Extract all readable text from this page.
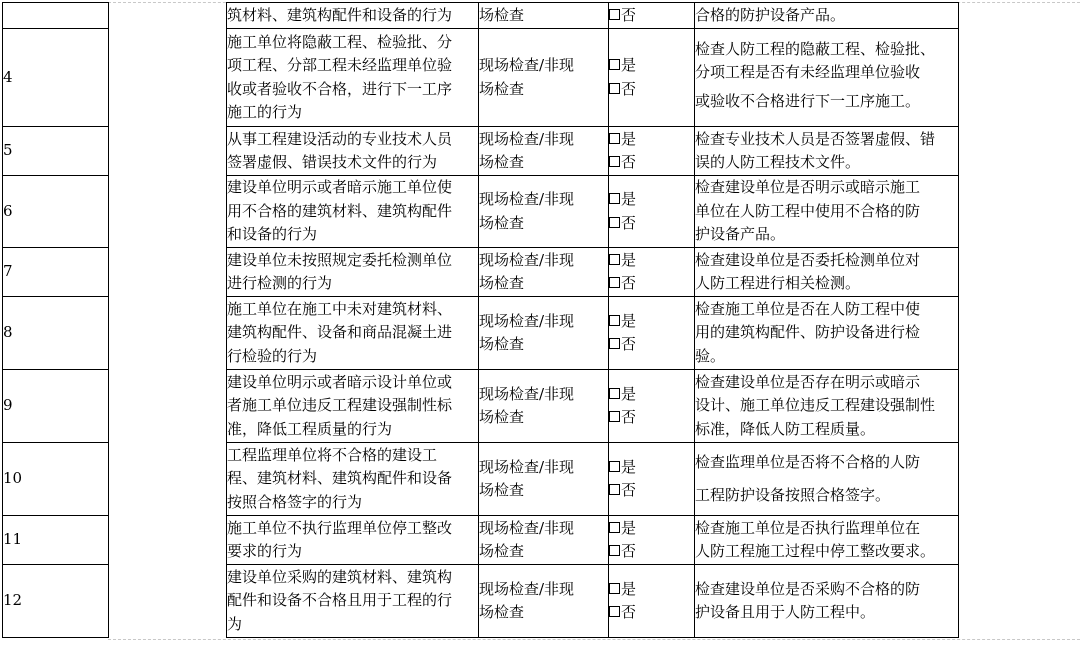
		筑材料、建筑构配件和设备的行为	场检查	否	合格的防护设备产品。

4		施工单位将隐蔽工程、检验批、分
项工程、分部工程未经监理单位验
收或者验收不合格，进行下一工序
施工的行为	现场检查/非现
场检查	是
否	检查人防工程的隐蔽工程、检验批、
分项工程是否有未经监理单位验收
或验收不合格进行下一工序施工。

5		从事工程建设活动的专业技术人员
签署虚假、错误技术文件的行为	现场检查/非现
场检查	是
否	检查专业技术人员是否签署虚假、错
误的人防工程技术文件。

6		建设单位明示或者暗示施工单位使
用不合格的建筑材料、建筑构配件
和设备的行为	现场检查/非现
场检查	是
否	检查建设单位是否明示或暗示施工
单位在人防工程中使用不合格的防
护设备产品。

7		建设单位未按照规定委托检测单位
进行检测的行为	现场检查/非现
场检查	是
否	检查建设单位是否委托检测单位对
人防工程进行相关检测。

8		施工单位在施工中未对建筑材料、
建筑构配件、设备和商品混凝土进
行检验的行为	现场检查/非现
场检查	是
否	检查施工单位是否在人防工程中使
用的建筑构配件、防护设备进行检
验。

9		建设单位明示或者暗示设计单位或
者施工单位违反工程建设强制性标
准，降低工程质量的行为	现场检查/非现
场检查	是
否	检查建设单位是否存在明示或暗示
设计、施工单位违反工程建设强制性
标准，降低人防工程质量。

10		工程监理单位将不合格的建设工
程、建筑材料、建筑构配件和设备
按照合格签字的行为	现场检查/非现
场检查	是
否	检查监理单位是否将不合格的人防
工程防护设备按照合格签字。

11		施工单位不执行监理单位停工整改
要求的行为	现场检查/非现
场检查	是
否	检查施工单位是否执行监理单位在
人防工程施工过程中停工整改要求。

12		建设单位采购的建筑材料、建筑构
配件和设备不合格且用于工程的行
为	现场检查/非现
场检查	是
否	检查建设单位是否采购不合格的防
护设备且用于人防工程中。
